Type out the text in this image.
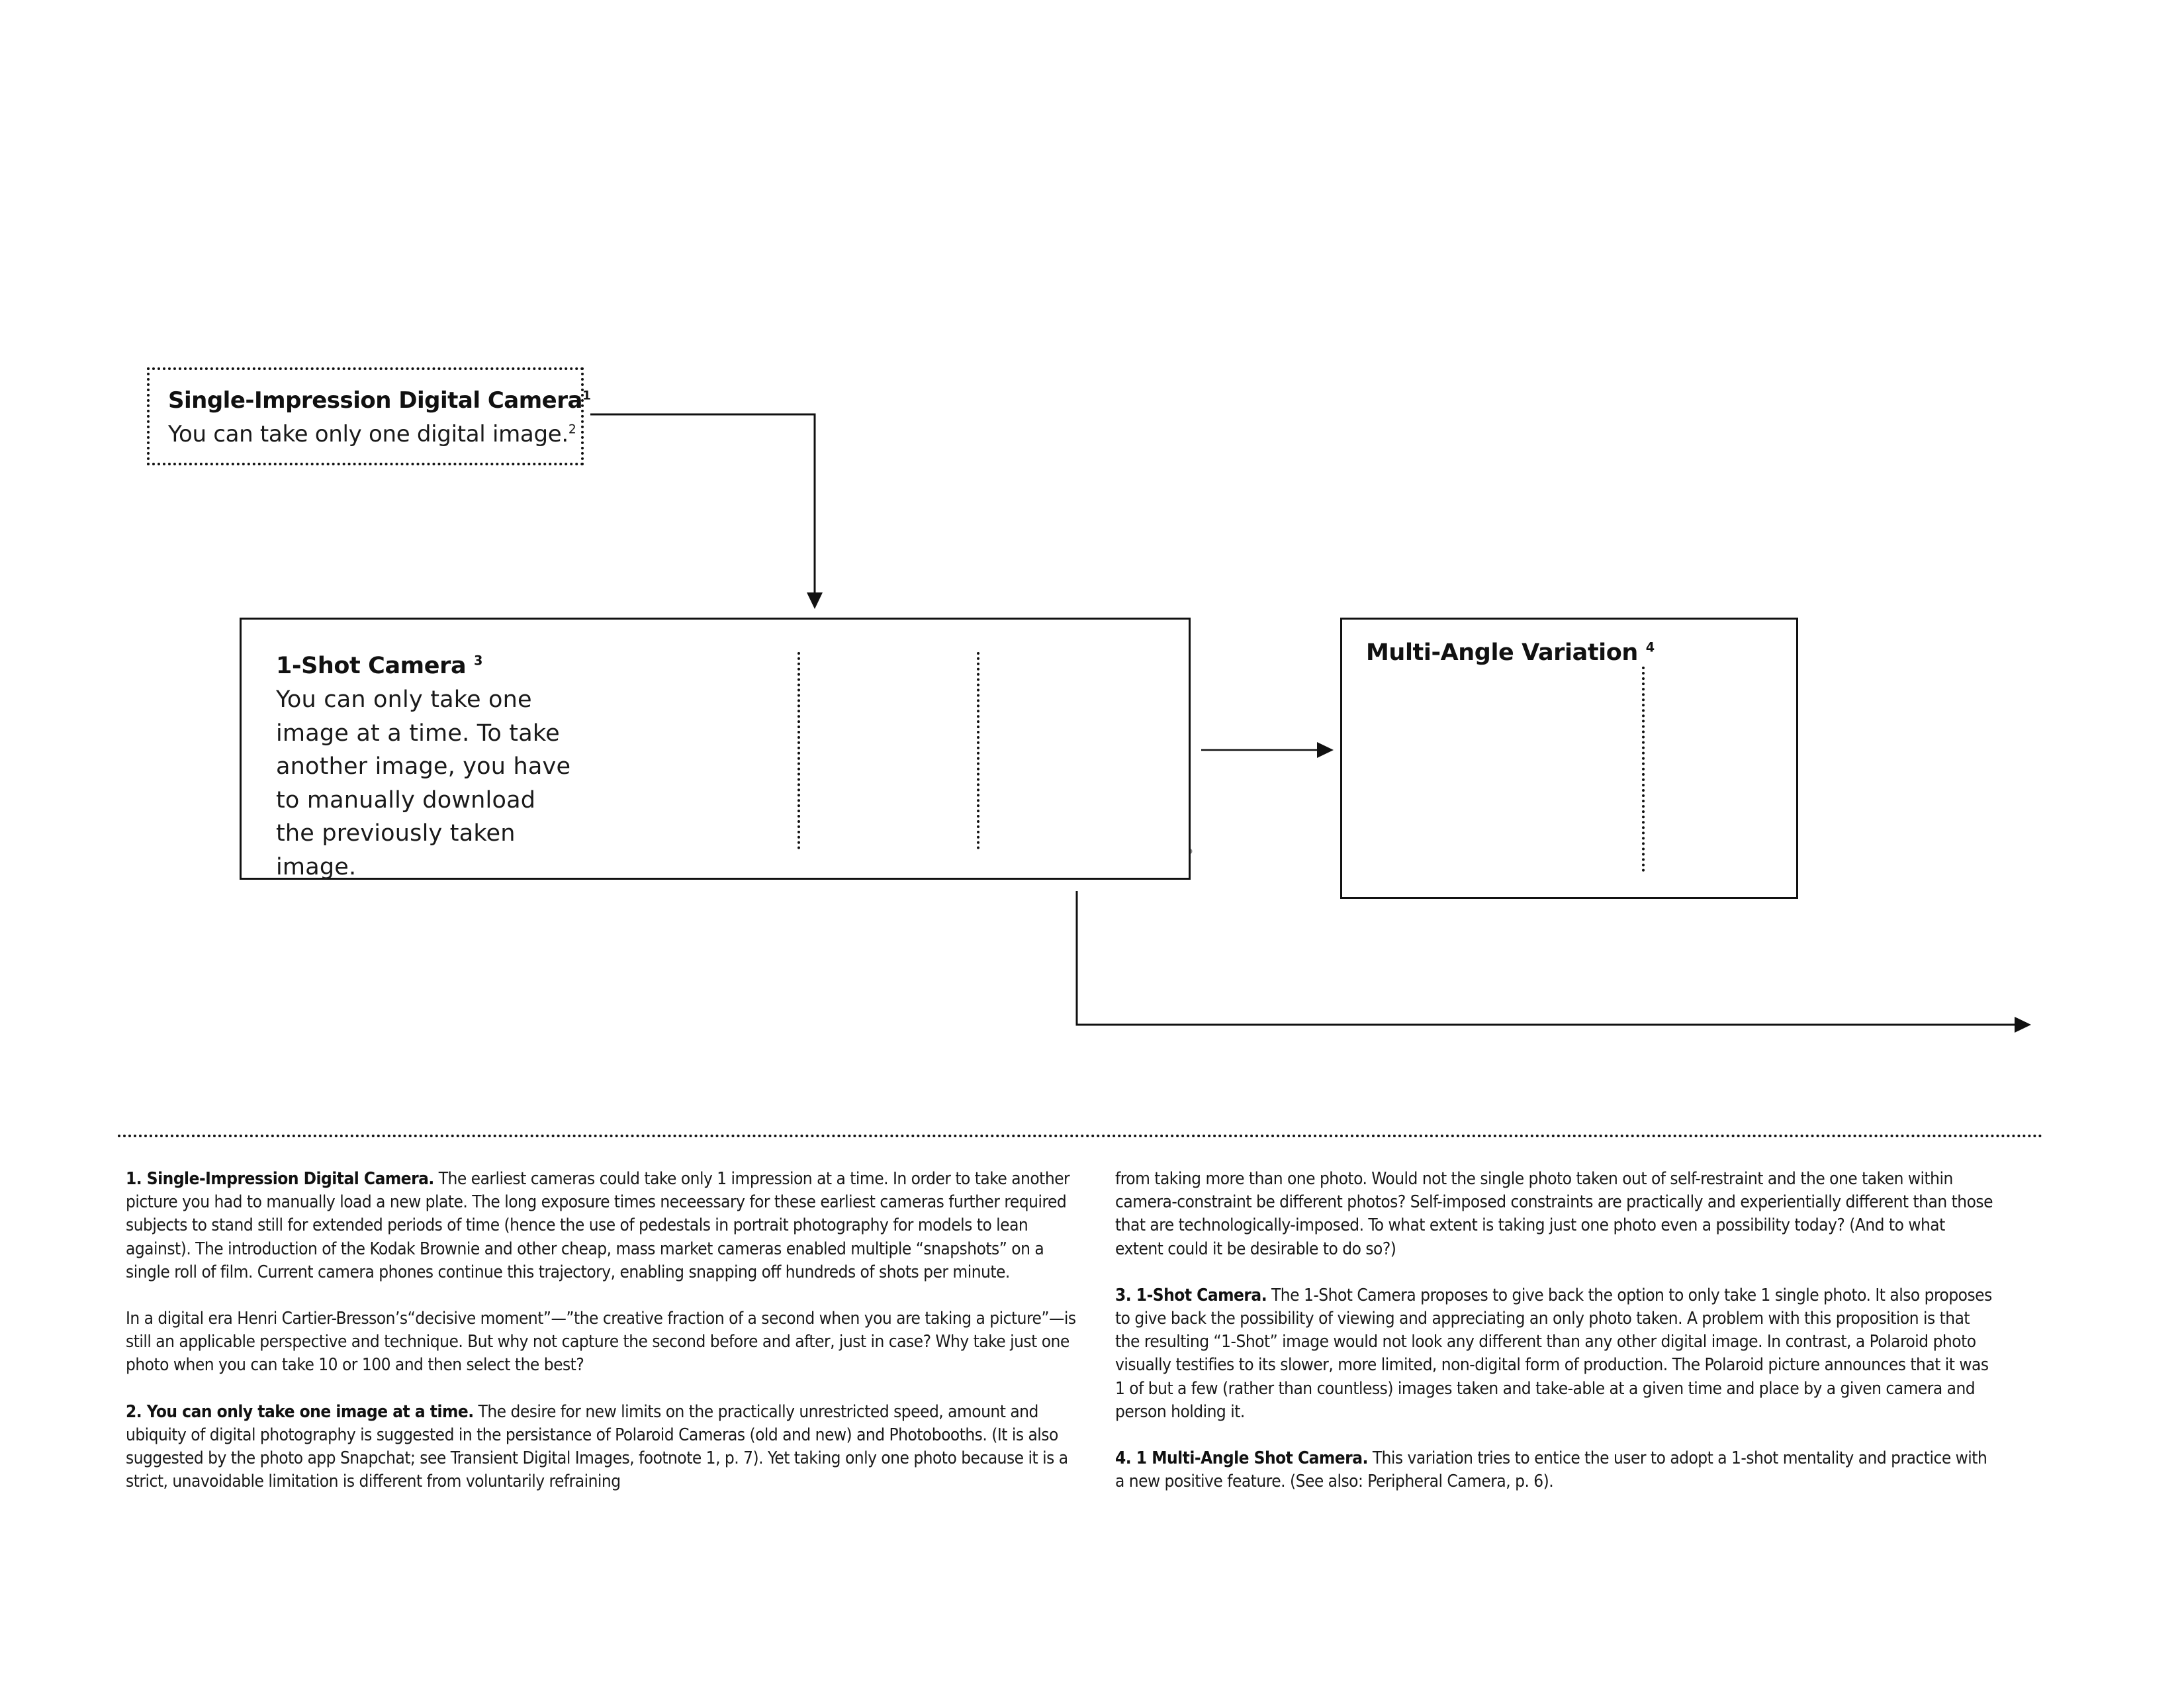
Single-Impression Digital Camera$^1$
You can take only one digital image.$^2$
1-Shot Camera $^3$
You can only take one image at a time. To take another image, you have to manually download the previously taken image.
Multi-Angle Variation $^4$

1. Single-Impression Digital Camera. The earliest cameras could take only 1 impression at a time. In order to take another picture you had to manually load a new plate. The long exposure times neceessary for these earliest cameras further required subjects to stand still for extended periods of time (hence the use of pedestals in portrait photography for models to lean against). The introduction of the Kodak Brownie and other cheap, mass market cameras enabled multiple “snapshots” on a single roll of film. Current camera phones continue this trajectory, enabling snapping off hundreds of shots per minute.

In a digital era Henri Cartier-Bresson’s“decisive moment”—”the creative fraction of a second when you are taking a picture”—is still an applicable perspective and technique. But why not capture the second before and after, just in case? Why take just one photo when you can take 10 or 100 and then select the best?

2. You can only take one image at a time. The desire for new limits on the practically unrestricted speed, amount and ubiquity of digital photography is suggested in the persistance of Polaroid Cameras (old and new) and Photobooths. (It is also suggested by the photo app Snapchat; see Transient Digital Images, footnote 1, p. 7). Yet taking only one photo because it is a strict, unavoidable limitation is different from voluntarily refraining

from taking more than one photo. Would not the single photo taken out of self-restraint and the one taken within camera-constraint be different photos? Self-imposed constraints are practically and experientially different than those that are technologically-imposed. To what extent is taking just one photo even a possibility today? (And to what extent could it be desirable to do so?)

3. 1-Shot Camera. The 1-Shot Camera proposes to give back the option to only take 1 single photo. It also proposes to give back the possibility of viewing and appreciating an only photo taken. A problem with this proposition is that the resulting “1-Shot” image would not look any different than any other digital image. In contrast, a Polaroid photo visually testifies to its slower, more limited, non-digital form of production. The Polaroid picture announces that it was 1 of but a few (rather than countless) images taken and take-able at a given time and place by a given camera and person holding it.

4. 1 Multi-Angle Shot Camera. This variation tries to entice the user to adopt a 1-shot mentality and practice with a new positive feature. (See also: Peripheral Camera, p. 6).
